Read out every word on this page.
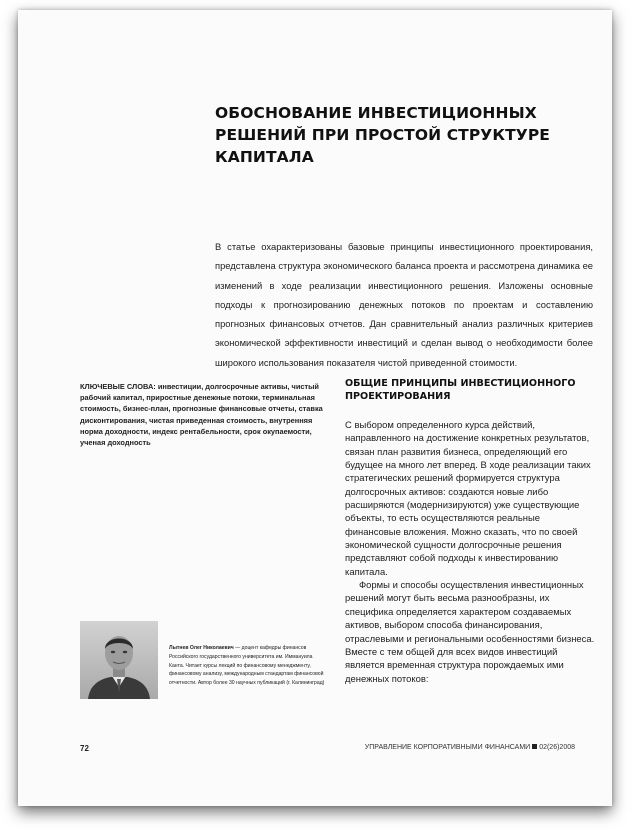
ОБОСНОВАНИЕ ИНВЕСТИЦИОННЫХ РЕШЕНИЙ ПРИ ПРОСТОЙ СТРУКТУРЕ КАПИТАЛА

В статье охарактеризованы базовые принципы инвестиционного проектирования, представлена структура экономического баланса проекта и рассмотрена динамика ее изменений в ходе реализации инвестиционного решения. Изложены основные подходы к прогнозированию денежных потоков по проектам и составлению прогнозных финансовых отчетов. Дан сравнительный анализ различных критериев экономической эффективности инвестиций и сделан вывод о необходимости более широкого использования показателя чистой приведенной стоимости.

КЛЮЧЕВЫЕ СЛОВА: инвестиции, долгосрочные активы, чистый рабочий капитал, приростные денежные потоки, терминальная стоимость, бизнес-план, прогнозные финансовые отчеты, ставка дисконтирования, чистая приведенная стоимость, внутренняя норма доходности, индекс рентабельности, срок окупаемости, ученая доходность

ОБЩИЕ ПРИНЦИПЫ ИНВЕСТИЦИОННОГО ПРОЕКТИРОВАНИЯ

С выбором определенного курса действий, направленного на достижение конкретных результатов, связан план развития бизнеса, определяющий его будущее на много лет вперед. В ходе реализации таких стратегических решений формируется структура долгосрочных активов: создаются новые либо расширяются (модернизируются) уже существующие объекты, то есть осуществляются реальные финансовые вложения. Можно сказать, что по своей экономической сущности долгосрочные решения представляют собой подходы к инвестированию капитала.

Формы и способы осуществления инвестиционных решений могут быть весьма разнообразны, их специфика определяется характером создаваемых активов, выбором способа финансирования, отраслевыми и региональными особенностями бизнеса. Вместе с тем общей для всех видов инвестиций является временная структура порождаемых ими денежных потоков:

Лытнев Олег Николаевич — доцент кафедры финансов Российского государственного университета им. Иммануила Канта. Читает курсы лекций по финансовому менеджменту, финансовому анализу, международным стандартам финансовой отчетности. Автор более 30 научных публикаций (г. Калининград)

72	УПРАВЛЕНИЕ КОРПОРАТИВНЫМИ ФИНАНСАМИ 02(26)2008
